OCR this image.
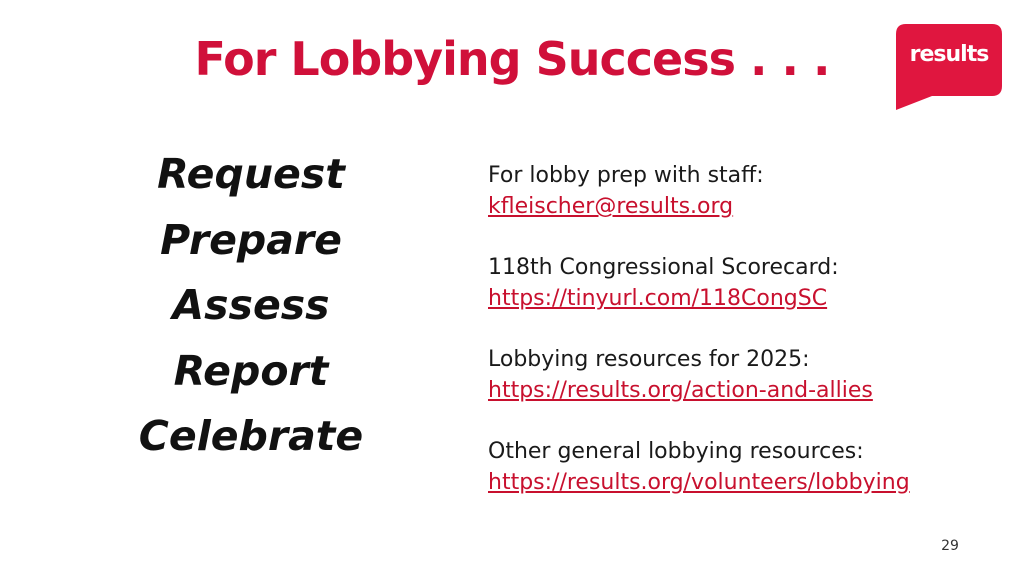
For Lobbying Success . . .	results
Request
Prepare
Assess
Report
Celebrate
For lobby prep with staff:
kfleischer@results.org
118th Congressional Scorecard:
https://tinyurl.com/118CongSC
Lobbying resources for 2025:
https://results.org/action-and-allies
Other general lobbying resources:
https://results.org/volunteers/lobbying
29
